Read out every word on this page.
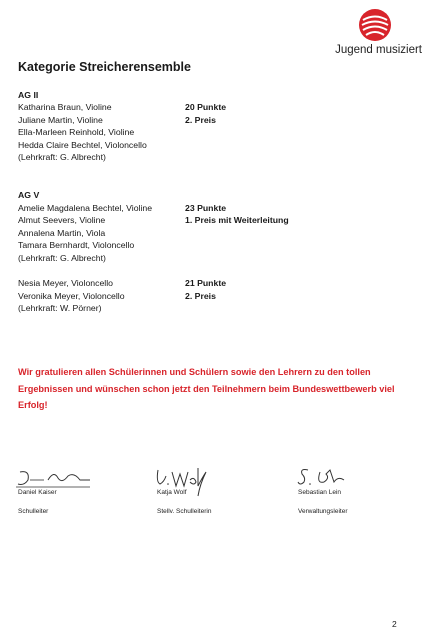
Jugend musiziert
Kategorie Streicherensemble
AG II
Katharina Braun, Violine
Juliane Martin, Violine
Ella-Marleen Reinhold, Violine
Hedda Claire Bechtel, Violoncello
(Lehrkraft: G. Albrecht)
20 Punkte
2. Preis
AG V
Amelie Magdalena Bechtel, Violine
Almut Seevers, Violine
Annalena Martin, Viola
Tamara Bernhardt, Violoncello
(Lehrkraft: G. Albrecht)
23 Punkte
1. Preis mit Weiterleitung
Nesia Meyer, Violoncello
Veronika Meyer, Violoncello
(Lehrkraft: W. Pörner)
21 Punkte
2. Preis
Wir gratulieren allen Schülerinnen und Schülern sowie den Lehrern zu den tollen Ergebnissen und wünschen schon jetzt den Teilnehmern beim Bundeswettbewerb viel Erfolg!
Daniel Kaiser
Schulleiter
Katja Wolf
Stellv. Schulleiterin
Sebastian Lein
Verwaltungsleiter
2
